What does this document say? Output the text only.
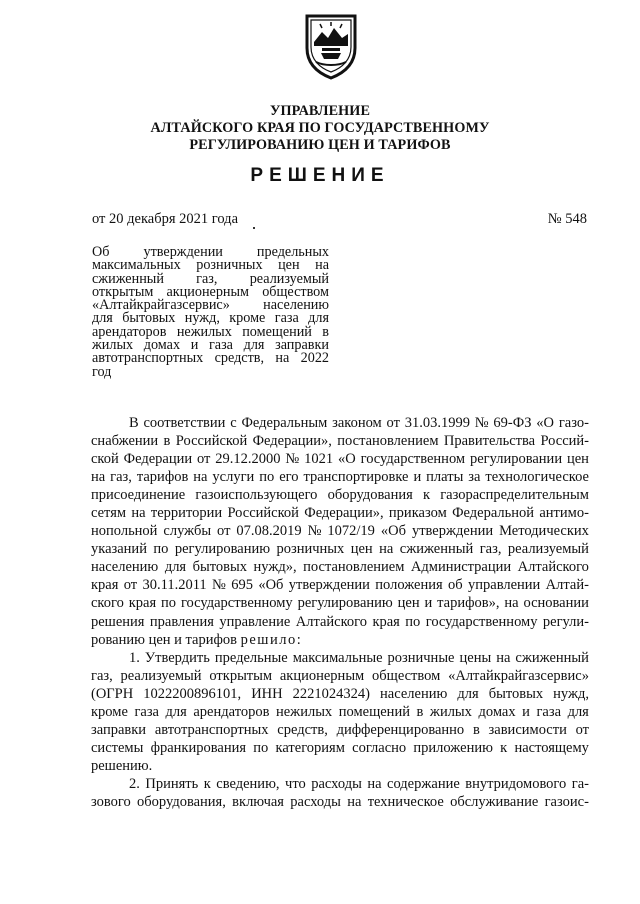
УПРАВЛЕНИЕ
АЛТАЙСКОГО КРАЯ ПО ГОСУДАРСТВЕННОМУ
РЕГУЛИРОВАНИЮ ЦЕН И ТАРИФОВ
РЕШЕНИЕ
от 20 декабря 2021 года	№ 548
Об утверждении предельных
максимальных розничных цен на
сжиженный газ, реализуемый
открытым акционерным обществом
«Алтайкрайгазсервис» населению
для бытовых нужд, кроме газа для
арендаторов нежилых помещений в
жилых домах и газа для заправки
автотранспортных средств, на 2022
год
В соответствии с Федеральным законом от 31.03.1999 № 69-ФЗ «О газо-
снабжении в Российской Федерации», постановлением Правительства Россий-
ской Федерации от 29.12.2000 № 1021 «О государственном регулировании цен
на газ, тарифов на услуги по его транспортировке и платы за технологическое
присоединение газоиспользующего оборудования к газораспределительным
сетям на территории Российской Федерации», приказом Федеральной антимо-
нопольной службы от 07.08.2019 № 1072/19 «Об утверждении Методических
указаний по регулированию розничных цен на сжиженный газ, реализуемый
населению для бытовых нужд», постановлением Администрации Алтайского
края от 30.11.2011 № 695 «Об утверждении положения об управлении Алтай-
ского края по государственному регулированию цен и тарифов», на основании
решения правления управление Алтайского края по государственному регули-
рованию цен и тарифов решило:
1. Утвердить предельные максимальные розничные цены на сжиженный
газ, реализуемый открытым акционерным обществом «Алтайкрайгазсервис»
(ОГРН 1022200896101, ИНН 2221024324) населению для бытовых нужд,
кроме газа для арендаторов нежилых помещений в жилых домах и газа для
заправки автотранспортных средств, дифференцированно в зависимости от
системы франкирования по категориям согласно приложению к настоящему
решению.
2. Принять к сведению, что расходы на содержание внутридомового га-
зового оборудования, включая расходы на техническое обслуживание газоис-
